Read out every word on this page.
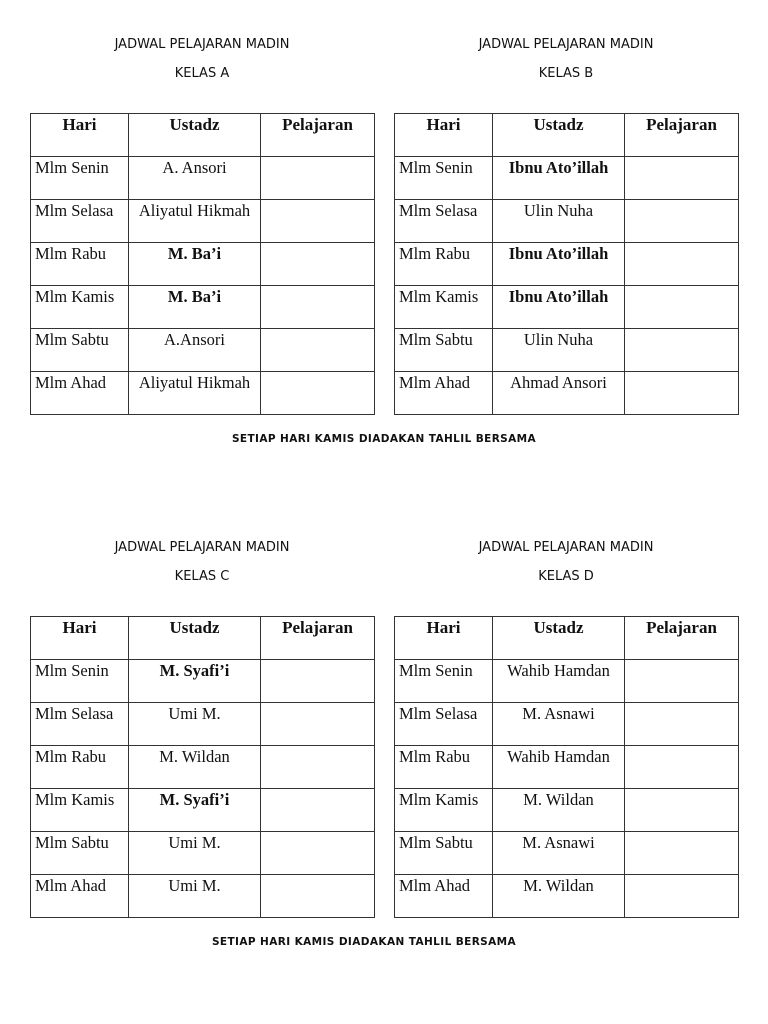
JADWAL PELAJARAN MADIN
KELAS A
JADWAL PELAJARAN MADIN
KELAS B
Hari	Ustadz	Pelajaran
Mlm Senin	A. Ansori	
Mlm Selasa	Aliyatul Hikmah	
Mlm Rabu	M. Ba’i	
Mlm Kamis	M. Ba’i	
Mlm Sabtu	A.Ansori	
Mlm Ahad	Aliyatul Hikmah	
Hari	Ustadz	Pelajaran
Mlm Senin	Ibnu Ato’illah	
Mlm Selasa	Ulin Nuha	
Mlm Rabu	Ibnu Ato’illah	
Mlm Kamis	Ibnu Ato’illah	
Mlm Sabtu	Ulin Nuha	
Mlm Ahad	Ahmad Ansori	
SETIAP HARI KAMIS DIADAKAN TAHLIL BERSAMA
JADWAL PELAJARAN MADIN
KELAS C
JADWAL PELAJARAN MADIN
KELAS D
Hari	Ustadz	Pelajaran
Mlm Senin	M. Syafi’i	
Mlm Selasa	Umi M.	
Mlm Rabu	M. Wildan	
Mlm Kamis	M. Syafi’i	
Mlm Sabtu	Umi M.	
Mlm Ahad	Umi M.	
Hari	Ustadz	Pelajaran
Mlm Senin	Wahib Hamdan	
Mlm Selasa	M. Asnawi	
Mlm Rabu	Wahib Hamdan	
Mlm Kamis	M. Wildan	
Mlm Sabtu	M. Asnawi	
Mlm Ahad	M. Wildan	
SETIAP HARI KAMIS DIADAKAN TAHLIL BERSAMA
